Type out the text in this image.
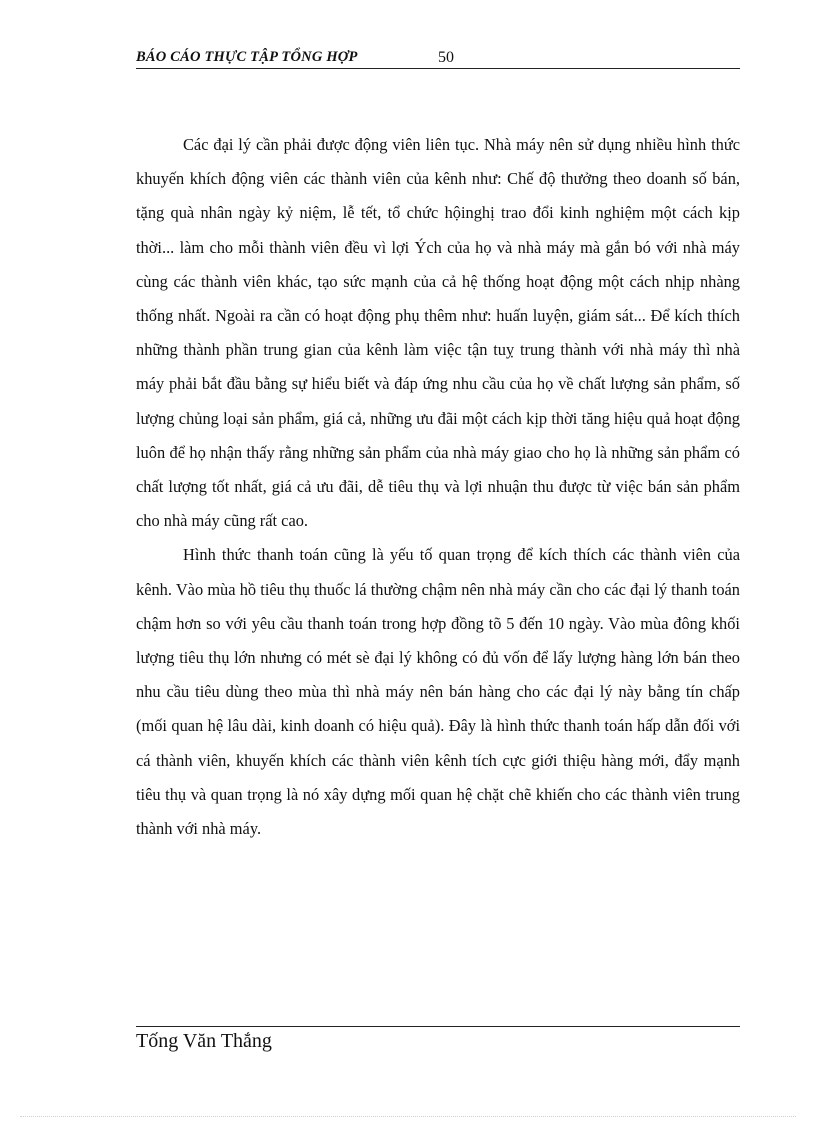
BÁO CÁO THỰC TẬP TỔNG HỢP	50

Các đại lý cần phải được động viên liên tục. Nhà máy nên sử dụng nhiều hình thức khuyến khích động viên các thành viên của kênh như: Chế độ thưởng theo doanh số bán, tặng quà nhân ngày kỷ niệm, lễ tết, tổ chức hộinghị trao đổi kinh nghiệm một cách kịp thời... làm cho mỗi thành viên đều vì lợi Ých của họ và nhà máy mà gắn bó với nhà máy cùng các thành viên khác, tạo sức mạnh của cả hệ thống hoạt động một cách nhịp nhàng thống nhất. Ngoài ra cần có hoạt động phụ thêm như: huấn luyện, giám sát... Để kích thích những thành phần trung gian của kênh làm việc tận tuỵ trung thành với nhà máy thì nhà máy phải bắt đầu bằng sự hiểu biết và đáp ứng nhu cầu của họ về chất lượng sản phẩm, số lượng chủng loại sản phẩm, giá cả, những ưu đãi một cách kịp thời tăng hiệu quả hoạt động luôn để họ nhận thấy rằng những sản phẩm của nhà máy giao cho họ là những sản phẩm có chất lượng tốt nhất, giá cả ưu đãi, dễ tiêu thụ và lợi nhuận thu được từ việc bán sản phẩm cho nhà máy cũng rất cao.

Hình thức thanh toán cũng là yếu tố quan trọng để kích thích các thành viên của kênh. Vào mùa hồ tiêu thụ thuốc lá thường chậm nên nhà máy cần cho các đại lý thanh toán chậm hơn so với yêu cầu thanh toán trong hợp đồng tõ 5 đến 10 ngày. Vào mùa đông khối lượng tiêu thụ lớn nhưng có mét sè đại lý không có đủ vốn để lấy lượng hàng lớn bán theo nhu cầu tiêu dùng theo mùa thì nhà máy nên bán hàng cho các đại lý này bằng tín chấp (mối quan hệ lâu dài, kinh doanh có hiệu quả). Đây là hình thức thanh toán hấp dẫn đối với cá thành viên, khuyến khích các thành viên kênh tích cực giới thiệu hàng mới, đẩy mạnh tiêu thụ và quan trọng là nó xây dựng mối quan hệ chặt chẽ khiến cho các thành viên trung thành với nhà máy.

Tống Văn Thắng
